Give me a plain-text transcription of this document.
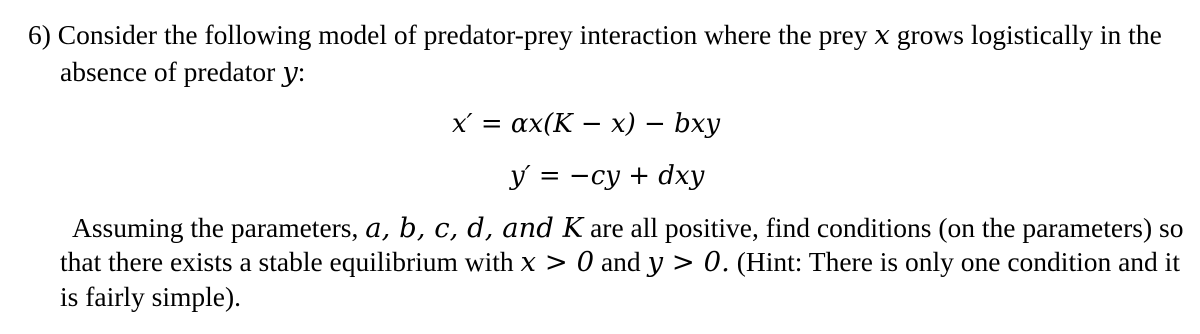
6) Consider the following model of predator-prey interaction where the prey x grows logistically in the
absence of predator y:
x′ = αx(K − x) − bxy
y′ = −cy + dxy
Assuming the parameters, a, b, c, d, and K are all positive, find conditions (on the parameters) so
that there exists a stable equilibrium with x > 0 and y > 0. (Hint: There is only one condition and it
is fairly simple).
